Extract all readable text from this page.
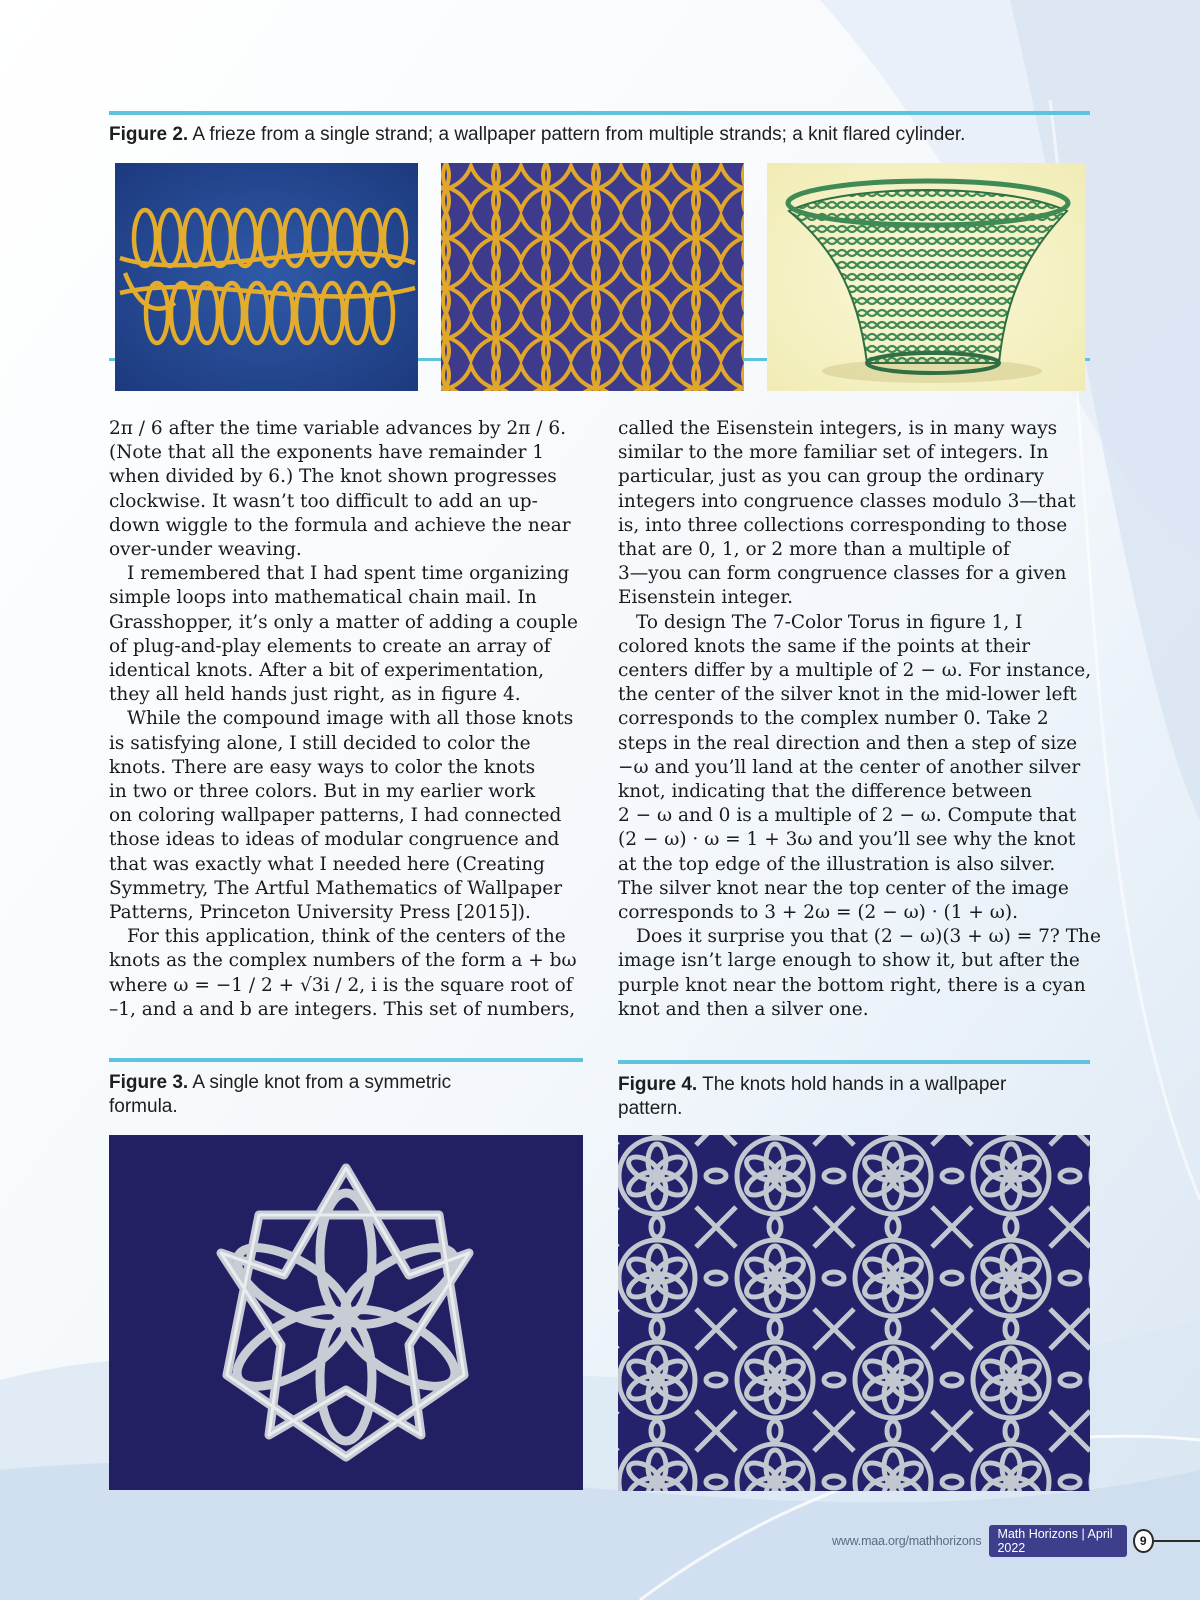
Figure 2. A frieze from a single strand; a wallpaper pattern from multiple strands; a knit flared cylinder.

2π / 6 after the time variable advances by 2π / 6.
(Note that all the exponents have remainder 1
when divided by 6.) The knot shown progresses
clockwise. It wasn’t too difficult to add an up-
down wiggle to the formula and achieve the near
over-under weaving.

I remembered that I had spent time organizing
simple loops into mathematical chain mail. In
Grasshopper, it’s only a matter of adding a couple
of plug-and-play elements to create an array of
identical knots. After a bit of experimentation,
they all held hands just right, as in figure 4.

While the compound image with all those knots
is satisfying alone, I still decided to color the
knots. There are easy ways to color the knots
in two or three colors. But in my earlier work
on coloring wallpaper patterns, I had connected
those ideas to ideas of modular congruence and
that was exactly what I needed here (Creating
Symmetry, The Artful Mathematics of Wallpaper
Patterns, Princeton University Press [2015]).

For this application, think of the centers of the
knots as the complex numbers of the form a + bω
where ω = −1 / 2 + √3i / 2, i is the square root of
–1, and a and b are integers. This set of numbers,

called the Eisenstein integers, is in many ways
similar to the more familiar set of integers. In
particular, just as you can group the ordinary
integers into congruence classes modulo 3—that
is, into three collections corresponding to those
that are 0, 1, or 2 more than a multiple of
3—you can form congruence classes for a given
Eisenstein integer.

To design The 7-Color Torus in figure 1, I
colored knots the same if the points at their
centers differ by a multiple of 2 − ω. For instance,
the center of the silver knot in the mid-lower left
corresponds to the complex number 0. Take 2
steps in the real direction and then a step of size
−ω and you’ll land at the center of another silver
knot, indicating that the difference between
2 − ω and 0 is a multiple of 2 − ω. Compute that
(2 − ω) · ω = 1 + 3ω and you’ll see why the knot
at the top edge of the illustration is also silver.
The silver knot near the top center of the image
corresponds to 3 + 2ω = (2 − ω) · (1 + ω).

Does it surprise you that (2 − ω)(3 + ω) = 7? The
image isn’t large enough to show it, but after the
purple knot near the bottom right, there is a cyan
knot and then a silver one.

Figure 3. A single knot from a symmetric
formula.
Figure 4. The knots hold hands in a wallpaper
pattern.
www.maa.org/mathhorizons	Math Horizons | April 2022	9
